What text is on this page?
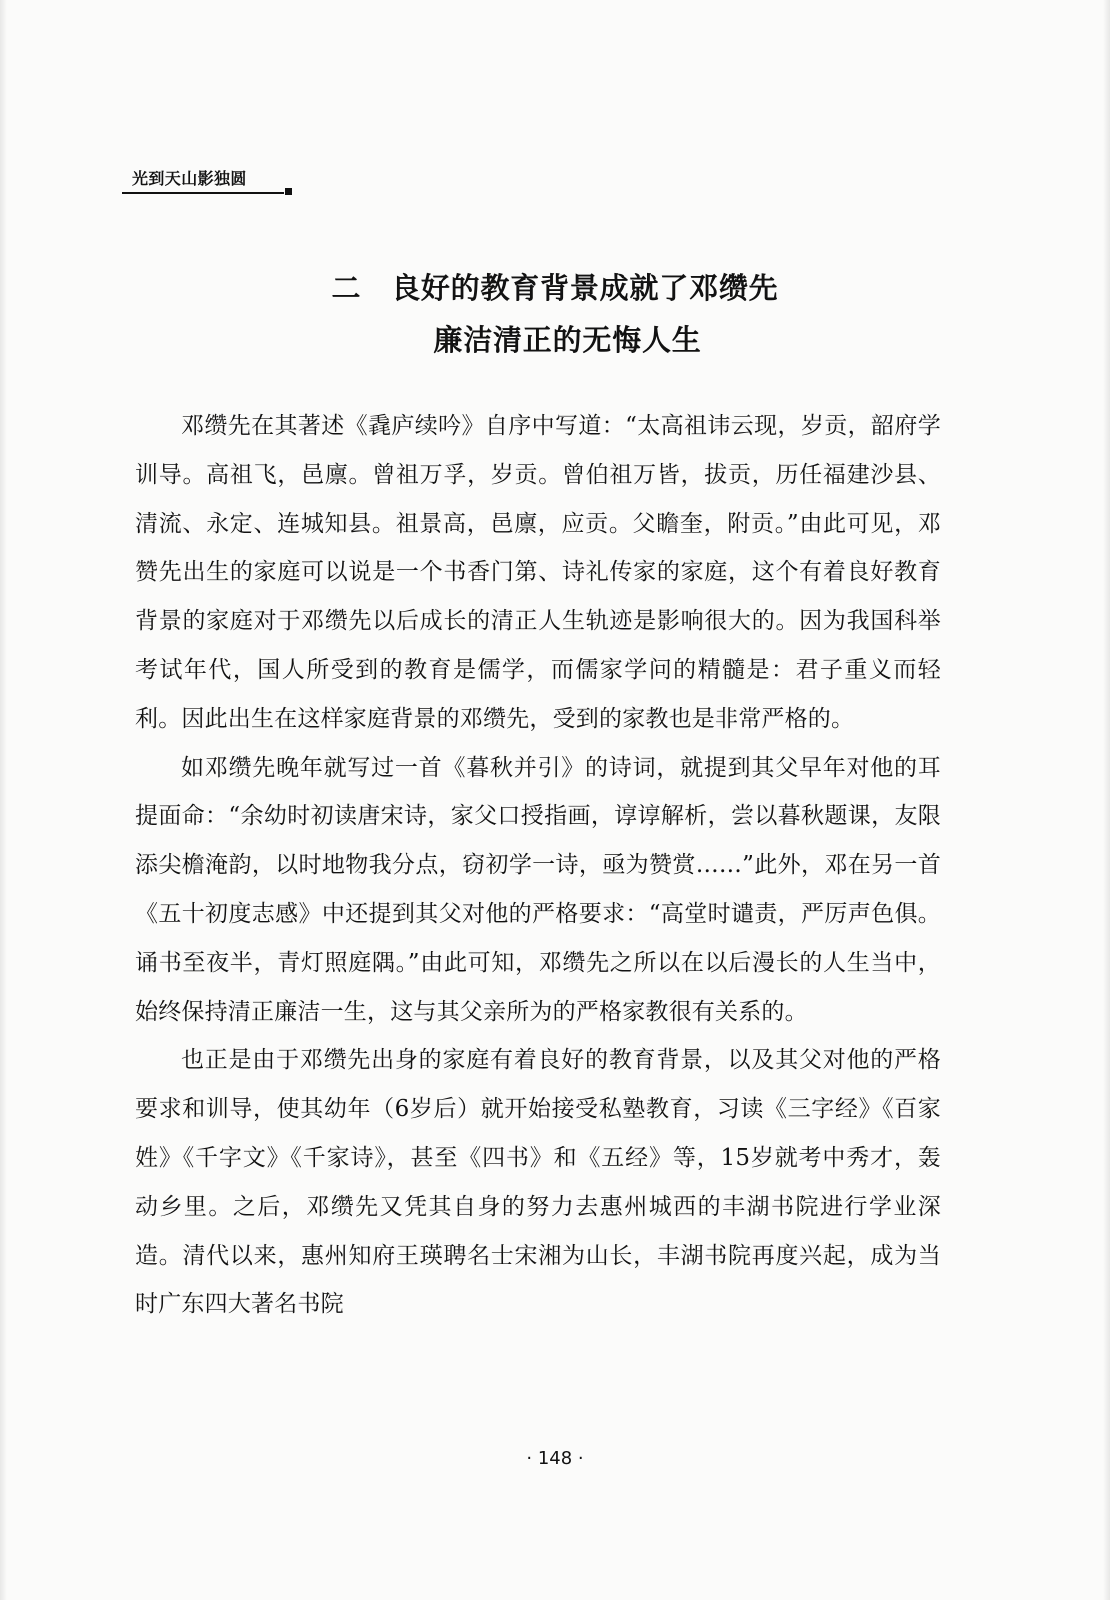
光到天山影独圆
二　良好的教育背景成就了邓缵先
廉洁清正的无悔人生

邓缵先在其著述《毳庐续吟》自序中写道：“太高祖讳云现，岁贡，韶府学训导。高祖飞，邑廪。曾祖万孚，岁贡。曾伯祖万皆，拔贡，历任福建沙县、清流、永定、连城知县。祖景高，邑廪，应贡。父瞻奎，附贡。”由此可见，邓赞先出生的家庭可以说是一个书香门第、诗礼传家的家庭，这个有着良好教育背景的家庭对于邓缵先以后成长的清正人生轨迹是影响很大的。因为我国科举考试年代，国人所受到的教育是儒学，而儒家学问的精髓是：君子重义而轻利。因此出生在这样家庭背景的邓缵先，受到的家教也是非常严格的。

如邓缵先晚年就写过一首《暮秋并引》的诗词，就提到其父早年对他的耳提面命：“余幼时初读唐宋诗，家父口授指画，谆谆解析，尝以暮秋题课，友限添尖檐淹韵，以时地物我分点，窃初学一诗，亟为赞赏……”此外，邓在另一首《五十初度志感》中还提到其父对他的严格要求：“高堂时谴责，严厉声色俱。诵书至夜半，青灯照庭隅。”由此可知，邓缵先之所以在以后漫长的人生当中，始终保持清正廉洁一生，这与其父亲所为的严格家教很有关系的。

也正是由于邓缵先出身的家庭有着良好的教育背景，以及其父对他的严格要求和训导，使其幼年（6岁后）就开始接受私塾教育，习读《三字经》《百家姓》《千字文》《千家诗》，甚至《四书》和《五经》等，15岁就考中秀才，轰动乡里。之后，邓缵先又凭其自身的努力去惠州城西的丰湖书院进行学业深造。清代以来，惠州知府王瑛聘名士宋湘为山长，丰湖书院再度兴起，成为当时广东四大著名书院

· 148 ·
